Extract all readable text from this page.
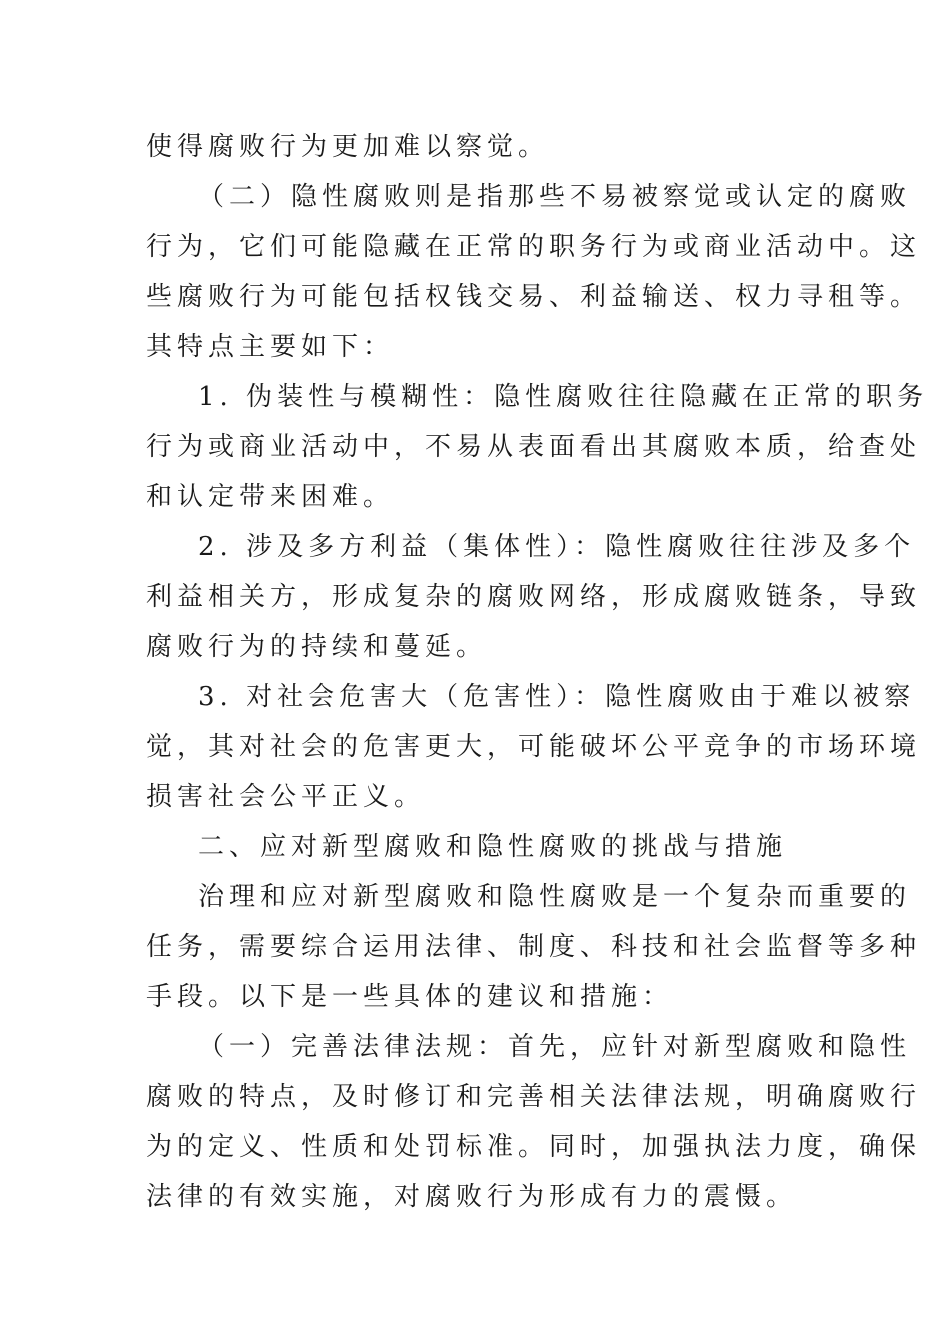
使得腐败行为更加难以察觉。

（二）隐性腐败则是指那些不易被察觉或认定的腐败
行为，它们可能隐藏在正常的职务行为或商业活动中。这
些腐败行为可能包括权钱交易、利益输送、权力寻租等。
其特点主要如下：

1. 伪装性与模糊性：隐性腐败往往隐藏在正常的职务
行为或商业活动中，不易从表面看出其腐败本质，给查处
和认定带来困难。

2. 涉及多方利益（集体性）：隐性腐败往往涉及多个
利益相关方，形成复杂的腐败网络，形成腐败链条，导致
腐败行为的持续和蔓延。

3. 对社会危害大（危害性）：隐性腐败由于难以被察
觉，其对社会的危害更大，可能破坏公平竞争的市场环境
损害社会公平正义。

二、应对新型腐败和隐性腐败的挑战与措施

治理和应对新型腐败和隐性腐败是一个复杂而重要的
任务，需要综合运用法律、制度、科技和社会监督等多种
手段。以下是一些具体的建议和措施：

（一）完善法律法规：首先，应针对新型腐败和隐性
腐败的特点，及时修订和完善相关法律法规，明确腐败行
为的定义、性质和处罚标准。同时，加强执法力度，确保
法律的有效实施，对腐败行为形成有力的震慑。
